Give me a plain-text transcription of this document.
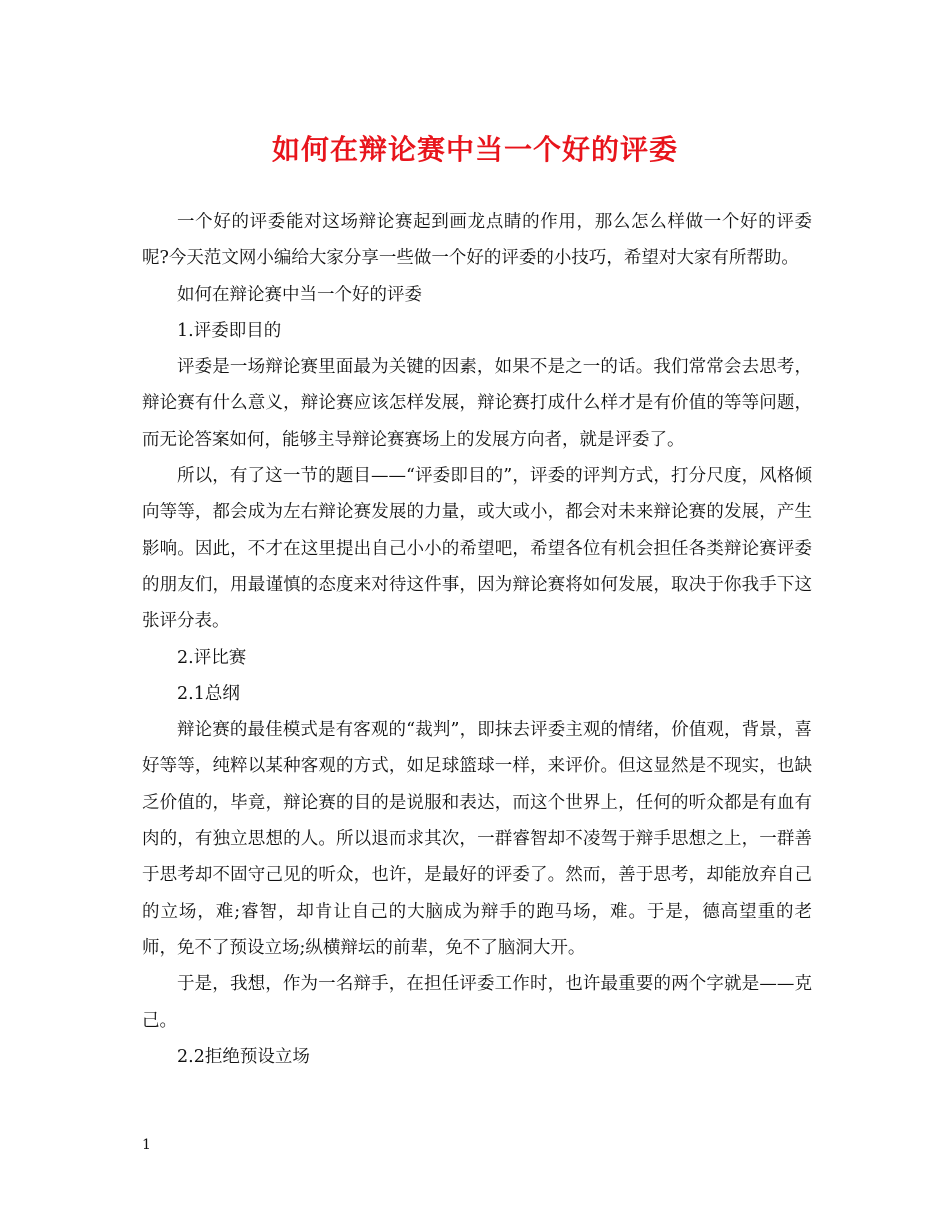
如何在辩论赛中当一个好的评委

一个好的评委能对这场辩论赛起到画龙点睛的作用，那么怎么样做一个好的评委呢?今天范文网小编给大家分享一些做一个好的评委的小技巧，希望对大家有所帮助。

如何在辩论赛中当一个好的评委

1.评委即目的

评委是一场辩论赛里面最为关键的因素，如果不是之一的话。我们常常会去思考，辩论赛有什么意义，辩论赛应该怎样发展，辩论赛打成什么样才是有价值的等等问题，而无论答案如何，能够主导辩论赛赛场上的发展方向者，就是评委了。

所以，有了这一节的题目——“评委即目的”，评委的评判方式，打分尺度，风格倾向等等，都会成为左右辩论赛发展的力量，或大或小，都会对未来辩论赛的发展，产生影响。因此，不才在这里提出自己小小的希望吧，希望各位有机会担任各类辩论赛评委的朋友们，用最谨慎的态度来对待这件事，因为辩论赛将如何发展，取决于你我手下这张评分表。

2.评比赛

2.1总纲

辩论赛的最佳模式是有客观的“裁判”，即抹去评委主观的情绪，价值观，背景，喜好等等，纯粹以某种客观的方式，如足球篮球一样，来评价。但这显然是不现实，也缺乏价值的，毕竟，辩论赛的目的是说服和表达，而这个世界上，任何的听众都是有血有肉的，有独立思想的人。所以退而求其次，一群睿智却不凌驾于辩手思想之上，一群善于思考却不固守己见的听众，也许，是最好的评委了。然而，善于思考，却能放弃自己的立场，难;睿智，却肯让自己的大脑成为辩手的跑马场，难。于是，德高望重的老师，免不了预设立场;纵横辩坛的前辈，免不了脑洞大开。

于是，我想，作为一名辩手，在担任评委工作时，也许最重要的两个字就是——克己。

2.2拒绝预设立场

1
